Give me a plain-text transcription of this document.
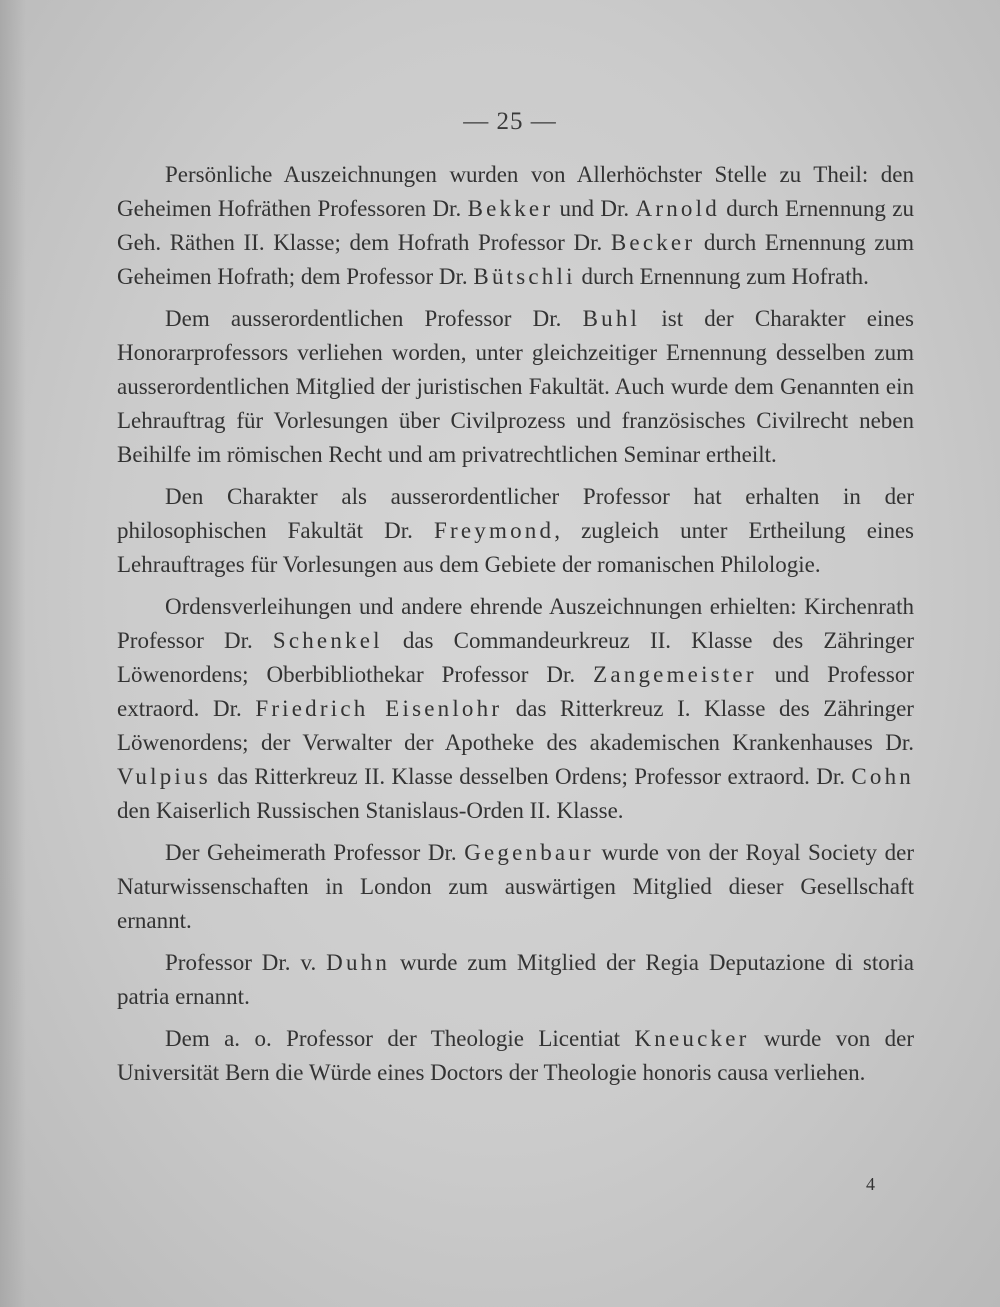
— 25 —

Persönliche Auszeichnungen wurden von Allerhöchster Stelle zu Theil: den Geheimen Hofräthen Professoren Dr. Bekker und Dr. Arnold durch Ernennung zu Geh. Räthen II. Klasse; dem Hofrath Professor Dr. Becker durch Ernennung zum Geheimen Hofrath; dem Professor Dr. Bütschli durch Ernennung zum Hofrath.

Dem ausserordentlichen Professor Dr. Buhl ist der Charakter eines Honorarprofessors verliehen worden, unter gleichzeitiger Ernennung desselben zum ausserordentlichen Mitglied der juristischen Fakultät. Auch wurde dem Genannten ein Lehrauftrag für Vorlesungen über Civilprozess und französisches Civilrecht neben Beihilfe im römischen Recht und am privatrechtlichen Seminar ertheilt.

Den Charakter als ausserordentlicher Professor hat erhalten in der philosophischen Fakultät Dr. Freymond, zugleich unter Ertheilung eines Lehrauftrages für Vorlesungen aus dem Gebiete der romanischen Philologie.

Ordensverleihungen und andere ehrende Auszeichnungen erhielten: Kirchenrath Professor Dr. Schenkel das Commandeurkreuz II. Klasse des Zähringer Löwenordens; Oberbibliothekar Professor Dr. Zangemeister und Professor extraord. Dr. Friedrich Eisenlohr das Ritterkreuz I. Klasse des Zähringer Löwenordens; der Verwalter der Apotheke des akademischen Krankenhauses Dr. Vulpius das Ritterkreuz II. Klasse desselben Ordens; Professor extraord. Dr. Cohn den Kaiserlich Russischen Stanislaus-Orden II. Klasse.

Der Geheimerath Professor Dr. Gegenbaur wurde von der Royal Society der Naturwissenschaften in London zum auswärtigen Mitglied dieser Gesellschaft ernannt.

Professor Dr. v. Duhn wurde zum Mitglied der Regia Deputazione di storia patria ernannt.

Dem a. o. Professor der Theologie Licentiat Kneucker wurde von der Universität Bern die Würde eines Doctors der Theologie honoris causa verliehen.

4
